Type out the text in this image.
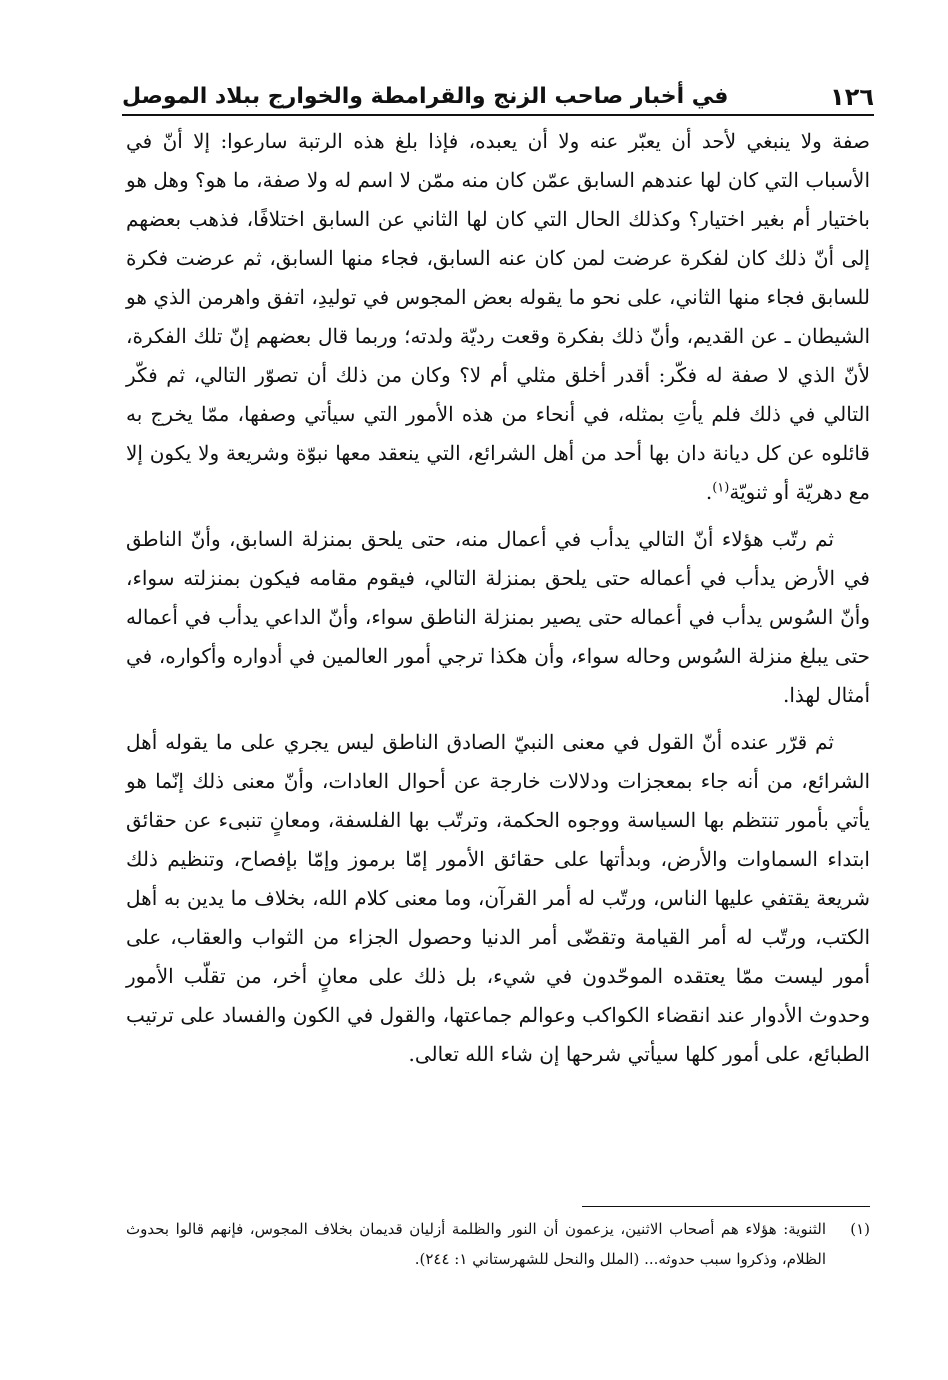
١٢٦
في أخبار صاحب الزنج والقرامطة والخوارج ببلاد الموصل

صفة ولا ينبغي لأحد أن يعبّر عنه ولا أن يعبده، فإذا بلغ هذه الرتبة سارعوا: إلا أنّ في الأسباب التي كان لها عندهم السابق عمّن كان منه ممّن لا اسم له ولا صفة، ما هو؟ وهل هو باختيار أم بغير اختيار؟ وكذلك الحال التي كان لها الثاني عن السابق اختلافًا، فذهب بعضهم إلى أنّ ذلك كان لفكرة عرضت لمن كان عنه السابق، فجاء منها السابق، ثم عرضت فكرة للسابق فجاء منها الثاني، على نحو ما يقوله بعض المجوس في توليدِ، اتفق واهرمن الذي هو الشيطان ـ عن القديم، وأنّ ذلك بفكرة وقعت رديّة ولدته؛ وربما قال بعضهم إنّ تلك الفكرة، لأنّ الذي لا صفة له فكّر: أقدر أخلق مثلي أم لا؟ وكان من ذلك أن تصوّر التالي، ثم فكّر التالي في ذلك فلم يأتِ بمثله، في أنحاء من هذه الأمور التي سيأتي وصفها، ممّا يخرج به قائلوه عن كل ديانة دان بها أحد من أهل الشرائع، التي ينعقد معها نبوّة وشريعة ولا يكون إلا مع دهريّة أو ثنويّة$^{(١)}$.

ثم رتّب هؤلاء أنّ التالي يدأب في أعمال منه، حتى يلحق بمنزلة السابق، وأنّ الناطق في الأرض يدأب في أعماله حتى يلحق بمنزلة التالي، فيقوم مقامه فيكون بمنزلته سواء، وأنّ السُوس يدأب في أعماله حتى يصير بمنزلة الناطق سواء، وأنّ الداعي يدأب في أعماله حتى يبلغ منزلة السُوس وحاله سواء، وأن هكذا ترجي أمور العالمين في أدواره وأكواره، في أمثال لهذا.

ثم قرّر عنده أنّ القول في معنى النبيّ الصادق الناطق ليس يجري على ما يقوله أهل الشرائع، من أنه جاء بمعجزات ودلالات خارجة عن أحوال العادات، وأنّ معنى ذلك إنّما هو يأتي بأمور تنتظم بها السياسة ووجوه الحكمة، وترتّب بها الفلسفة، ومعانٍ تنبىء عن حقائق ابتداء السماوات والأرض، وبدأتها على حقائق الأمور إمّا برموز وإمّا بإفصاح، وتنظيم ذلك شريعة يقتفي عليها الناس، ورتّب له أمر القرآن، وما معنى كلام الله، بخلاف ما يدين به أهل الكتب، ورتّب له أمر القيامة وتقضّى أمر الدنيا وحصول الجزاء من الثواب والعقاب، على أمور ليست ممّا يعتقده الموحّدون في شيء، بل ذلك على معانٍ أخر، من تقلّب الأمور وحدوث الأدوار عند انقضاء الكواكب وعوالم جماعتها، والقول في الكون والفساد على ترتيب الطبائع، على أمور كلها سيأتي شرحها إن شاء الله تعالى.

(١)
الثنوية: هؤلاء هم أصحاب الاثنين، يزعمون أن النور والظلمة أزليان قديمان بخلاف المجوس، فإنهم قالوا بحدوث الظلام، وذكروا سبب حدوثه... (الملل والنحل للشهرستاني ١: ٢٤٤).
